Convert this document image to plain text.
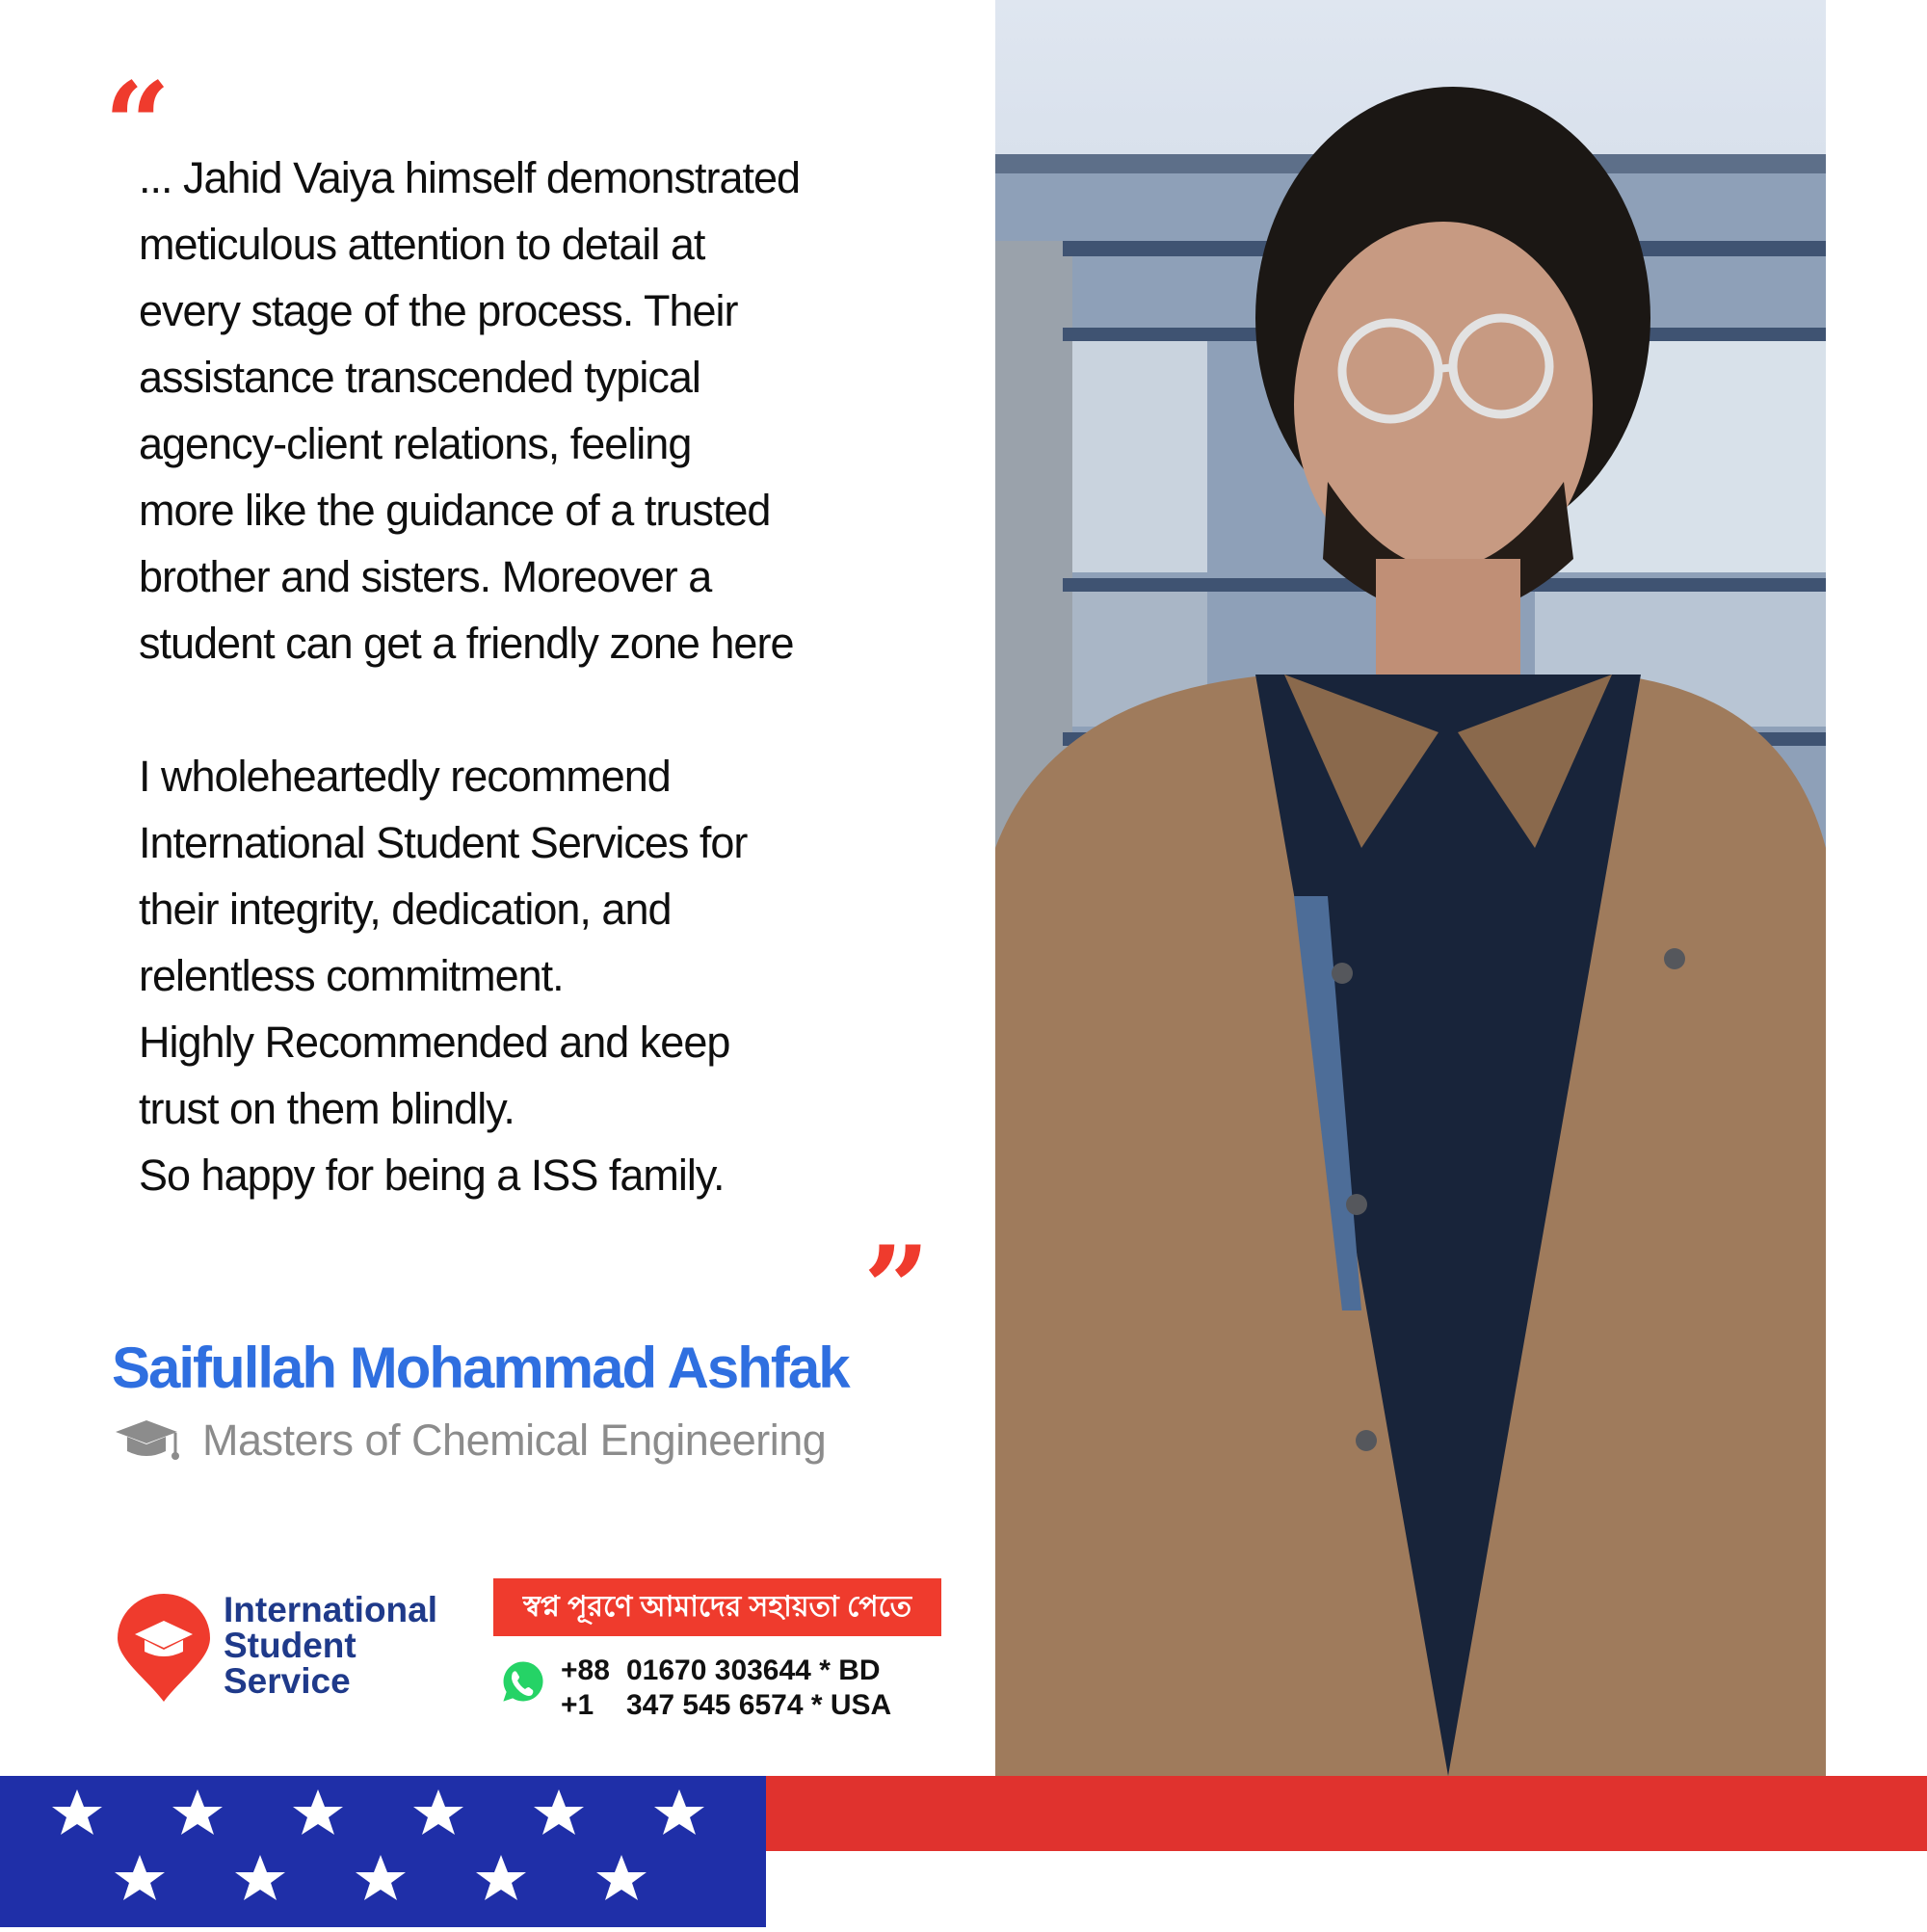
“
... Jahid Vaiya himself demonstrated
meticulous attention to detail at
every stage of the process. Their
assistance transcended typical
agency-client relations, feeling
more like the guidance of a trusted
brother and sisters. Moreover a
student can get a friendly zone here
I wholeheartedly recommend
International Student Services for
their integrity, dedication, and
relentless commitment.
Highly Recommended and keep
trust on them blindly.
So happy for being a ISS family.
”
Saifullah Mohammad Ashfak
Masters of Chemical Engineering
International
Student
Service
স্বপ্ন পূরণে আমাদের সহায়তা পেতে
+88 01670 303644 * BD
+1	347 545 6574 * USA
